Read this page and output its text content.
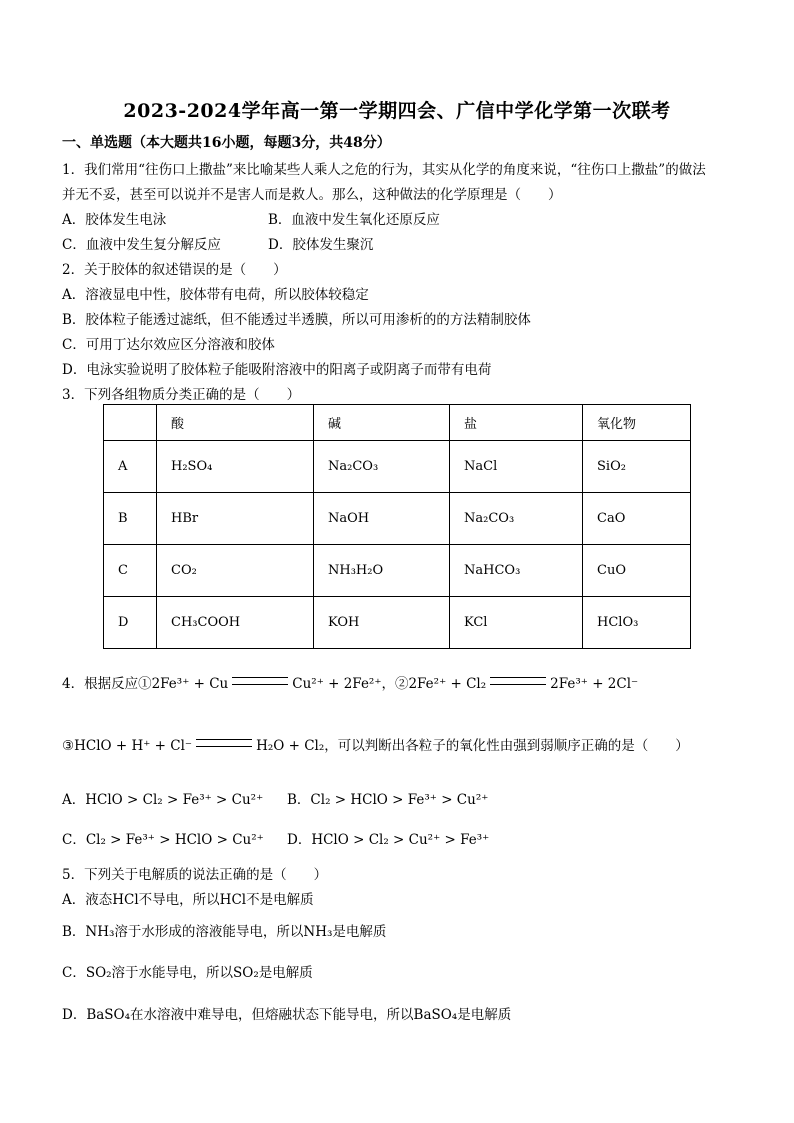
2023-2024学年高一第一学期四会、广信中学化学第一次联考
一、单选题（本大题共16小题，每题3分，共48分）
1．我们常用“往伤口上撒盐”来比喻某些人乘人之危的行为，其实从化学的角度来说，“往伤口上撒盐”的做法
并无不妥，甚至可以说并不是害人而是救人。那么，这种做法的化学原理是（　　）
A．胶体发生电泳	B．血液中发生氧化还原反应
C．血液中发生复分解反应	D．胶体发生聚沉
2．关于胶体的叙述错误的是（　　）
A．溶液显电中性，胶体带有电荷，所以胶体较稳定
B．胶体粒子能透过滤纸，但不能透过半透膜，所以可用渗析的的方法精制胶体
C．可用丁达尔效应区分溶液和胶体
D．电泳实验说明了胶体粒子能吸附溶液中的阳离子或阴离子而带有电荷
3．下列各组物质分类正确的是（　　）
	酸	碱	盐	氧化物
A	H₂SO₄	Na₂CO₃	NaCl	SiO₂
B	HBr	NaOH	Na₂CO₃	CaO
C	CO₂	NH₃H₂O	NaHCO₃	CuO
D	CH₃COOH	KOH	KCl	HClO₃
4．根据反应①2Fe³⁺ + Cu	Cu²⁺ + 2Fe²⁺，②2Fe²⁺ + Cl₂	2Fe³⁺ + 2Cl⁻
③HClO + H⁺ + Cl⁻	H₂O + Cl₂，可以判断出各粒子的氧化性由强到弱顺序正确的是（　　）
A．HClO > Cl₂ > Fe³⁺ > Cu²⁺ B．Cl₂ > HClO > Fe³⁺ > Cu²⁺
C．Cl₂ > Fe³⁺ > HClO > Cu²⁺ D．HClO > Cl₂ > Cu²⁺ > Fe³⁺
5．下列关于电解质的说法正确的是（　　）
A．液态HCl不导电，所以HCl不是电解质
B．NH₃溶于水形成的溶液能导电，所以NH₃是电解质
C．SO₂溶于水能导电，所以SO₂是电解质
D．BaSO₄在水溶液中难导电，但熔融状态下能导电，所以BaSO₄是电解质
